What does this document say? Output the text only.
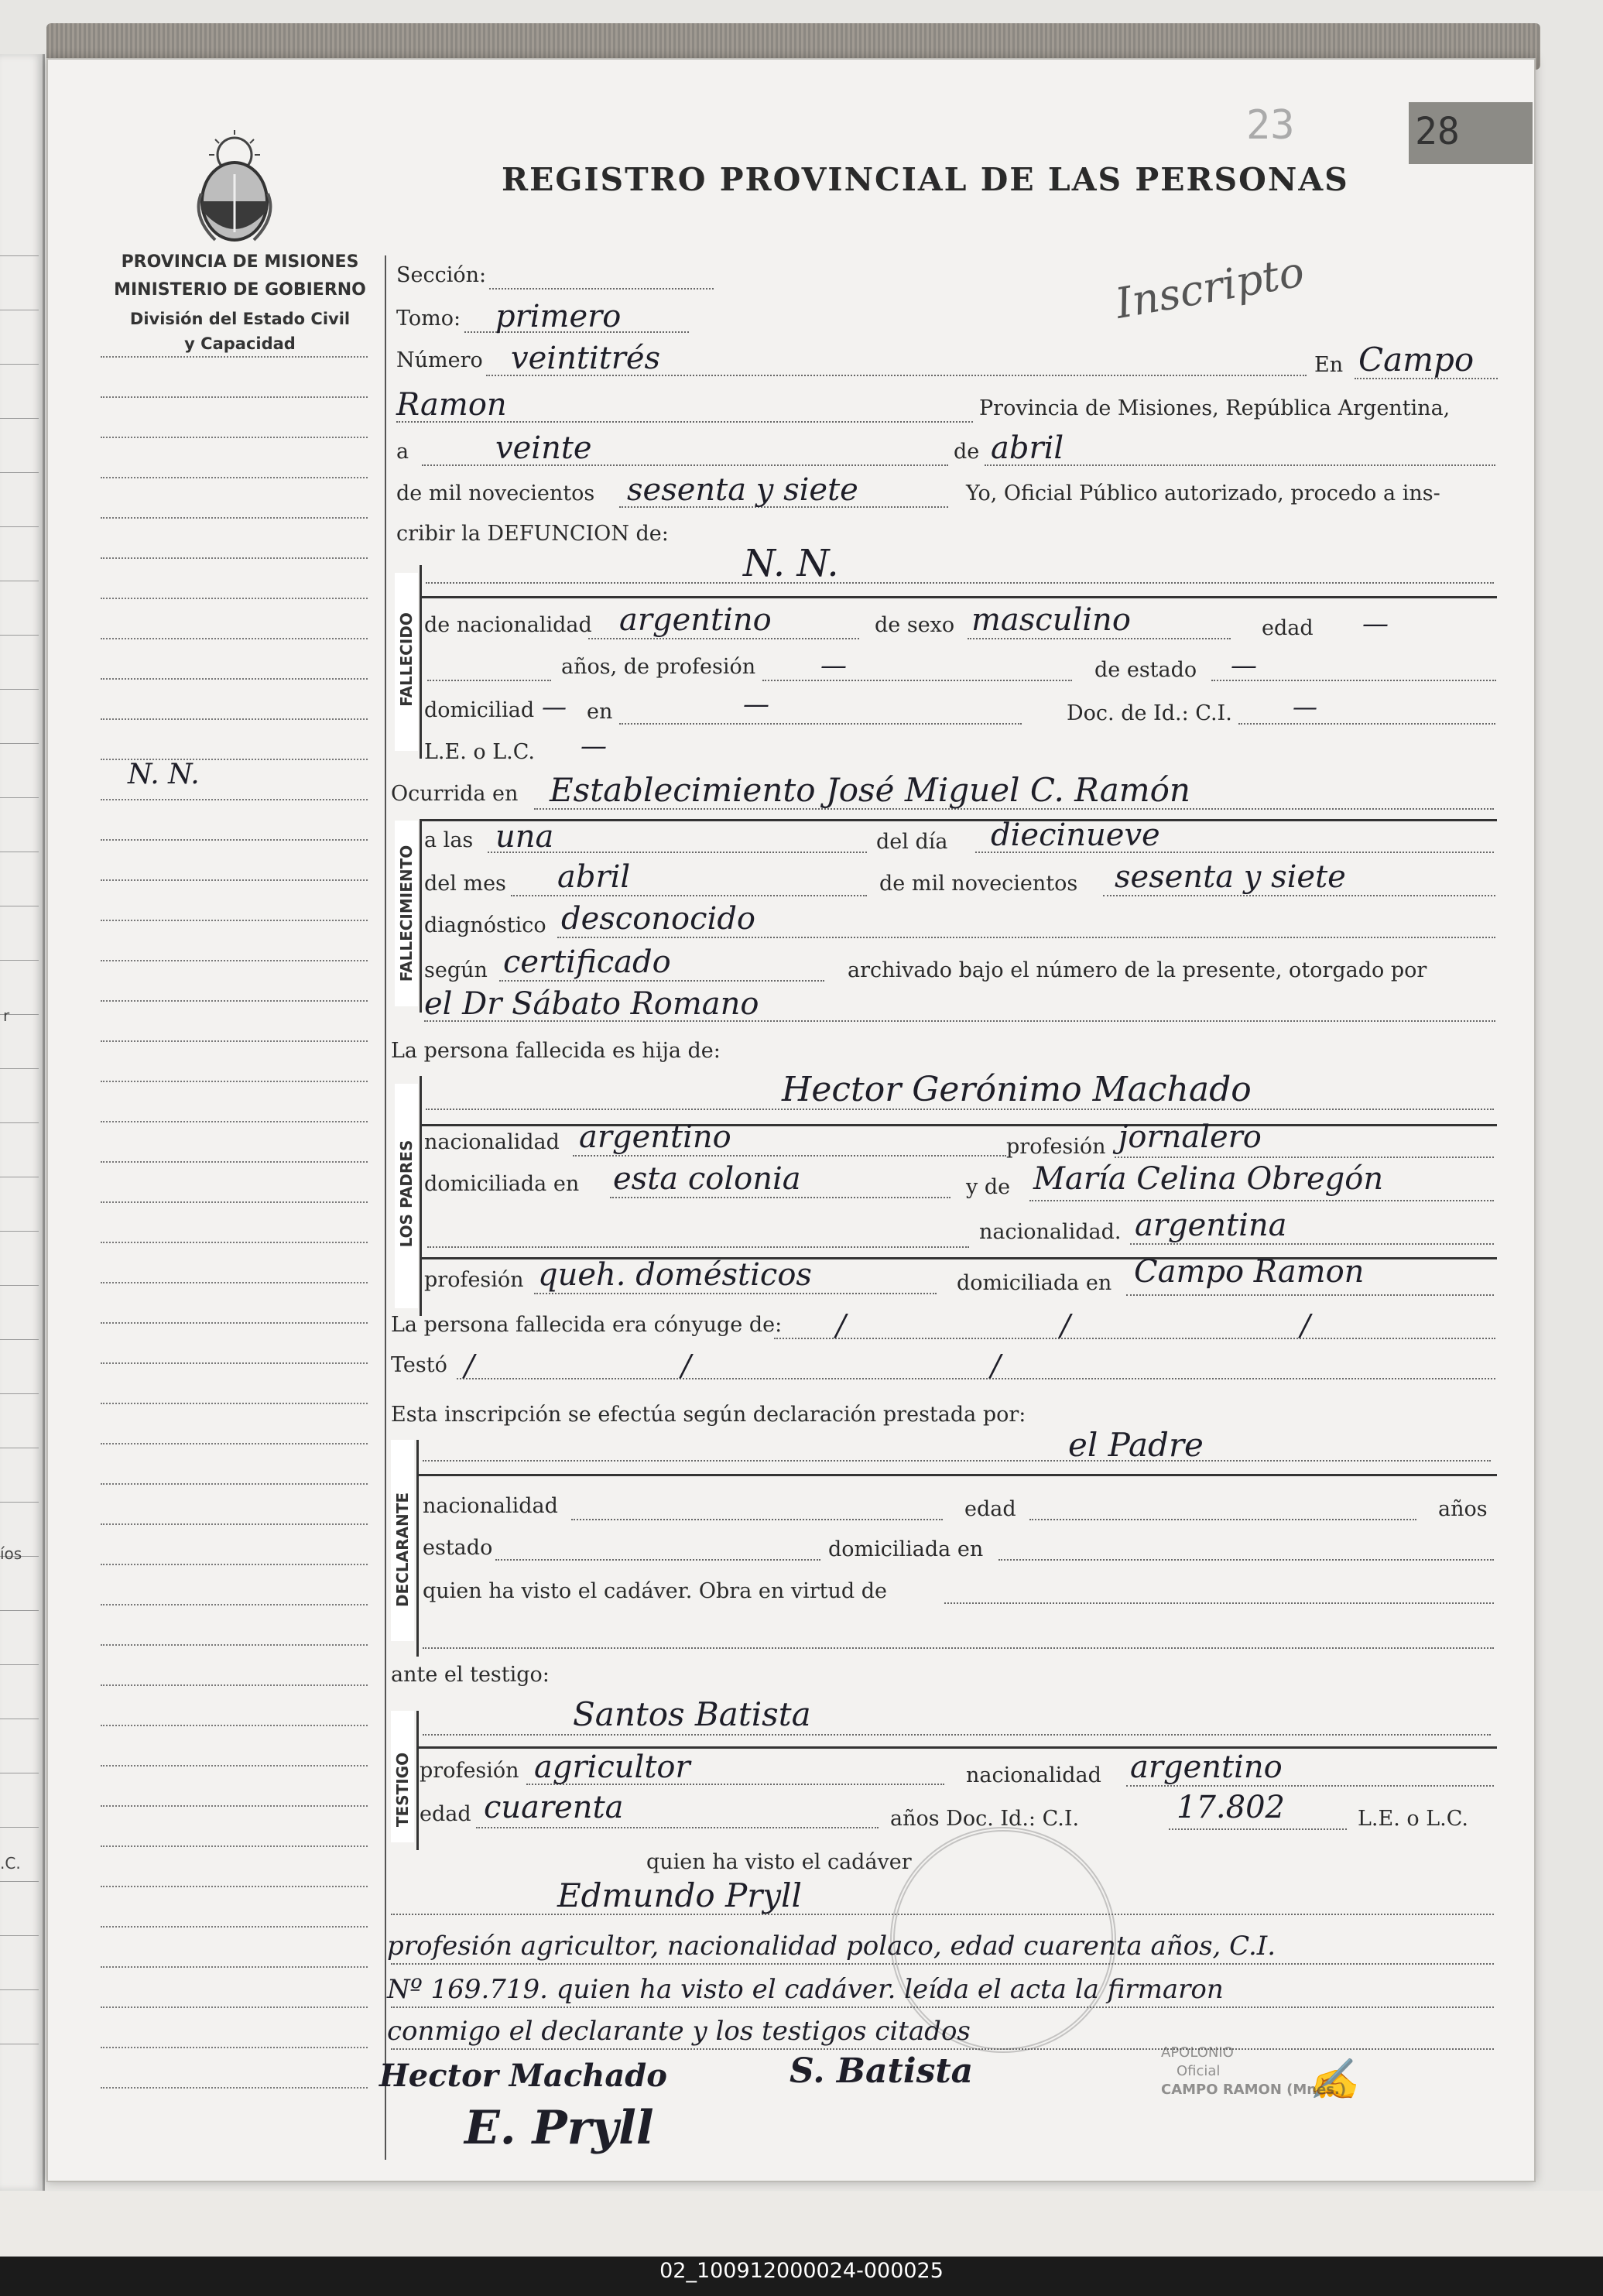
r
íos
.C.
02_100912000024-000025
23	28
PROVINCIA DE MISIONES
MINISTERIO DE GOBIERNO
División del Estado Civil
y Capacidad
REGISTRO PROVINCIAL DE LAS PERSONAS
Inscripto
N. N.
Sección:
Tomo: primero
Número veintitrés	En Campo
Ramon	Provincia de Misiones, República Argentina,
a	veinte	de abril
de mil novecientos sesenta y siete	Yo, Oficial Público autorizado, procedo a ins-
cribir la DEFUNCION de:
FALLECIDO
N. N.
de nacionalidad argentino	de sexo masculino	edad —
años, de profesión —	de estado —
domiciliad — en	—	Doc. de Id.: C.I. —
L.E. o L.C. —
Ocurrida en Establecimiento José Miguel C. Ramón
FALLECIMIENTO
a las una	del día diecinueve
del mes abril	de mil novecientos sesenta y siete
diagnóstico desconocido
según certificado	archivado bajo el número de la presente, otorgado por
el Dr Sábato Romano
La persona fallecida es hija de:
LOS PADRES
Hector Gerónimo Machado
nacionalidad argentino	profesión jornalero
domiciliada en esta colonia	y de María Celina Obregón
nacionalidad. argentina
profesión queh. domésticos	domiciliada en Campo Ramon
La persona fallecida era cónyuge de: /	/	/
Testó /	/	/
Esta inscripción se efectúa según declaración prestada por:
DECLARANTE
el Padre
nacionalidad	edad	años
estado	domiciliada en
quien ha visto el cadáver. Obra en virtud de
ante el testigo:
TESTIGO
Santos Batista
profesión agricultor	nacionalidad argentino
edad cuarenta	años Doc. Id.: C.I.	17.802	L.E. o L.C.
quien ha visto el cadáver
Edmundo Pryll
profesión agricultor, nacionalidad polaco, edad cuarenta años, C.I.
Nº 169.719. quien ha visto el cadáver. leída el acta la firmaron
conmigo el declarante y los testigos citados
Hector Machado	S. Batista
E. Pryll
✍
APOLONIO
Oficial
CAMPO RAMON (Mnes.)
